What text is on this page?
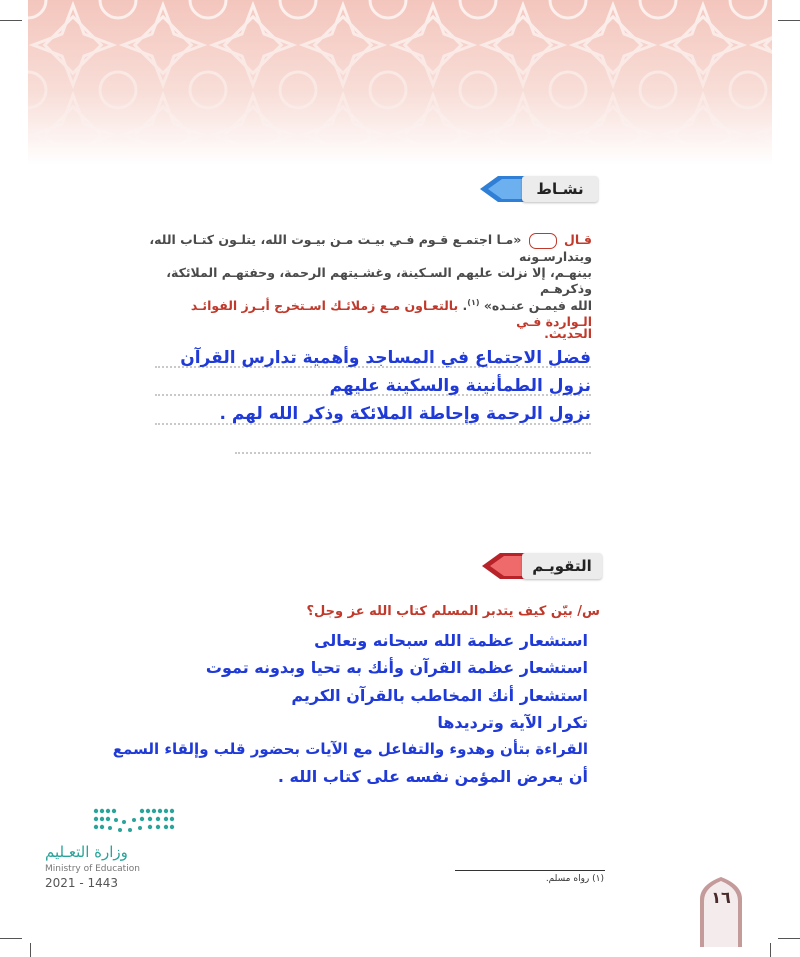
نشـاط
قـال  «مـا اجتمـع قـوم فـي بيـت مـن بيـوت الله، يتلـون كتـاب الله، ويتدارسـونه
بينهـم، إلا نزلت عليهم السـكينة، وغشـيتهم الرحمة، وحفتهـم الملائكة، وذكرهـم
الله فيمـن عنـده» $^{(١)}$. بالتعـاون مـع زملائـك اسـتخرج أبـرز الفوائـد الـواردة فـي
الحديث.
فضل الاجتماع في المساجد وأهمية تدارس القرآن
نزول الطمأنينة والسكينة عليهم
نزول الرحمة وإحاطة الملائكة وذكر الله لهم .
التقويـم
س/ بيّن كيف يتدبر المسلم كتاب الله عز وجل؟
استشعار عظمة الله سبحانه وتعالى
استشعار عظمة القرآن وأنك به تحيا وبدونه تموت
استشعار أنك المخاطب بالقرآن الكريم
تكرار الآية وترديدها
القراءة بتأن وهدوء والتفاعل مع الآيات بحضور قلب وإلقاء السمع
أن يعرض المؤمن نفسه على كتاب الله .
وزارة التعـليم
Ministry of Education
2021 - 1443	(١) رواه مسلم.
١٦
